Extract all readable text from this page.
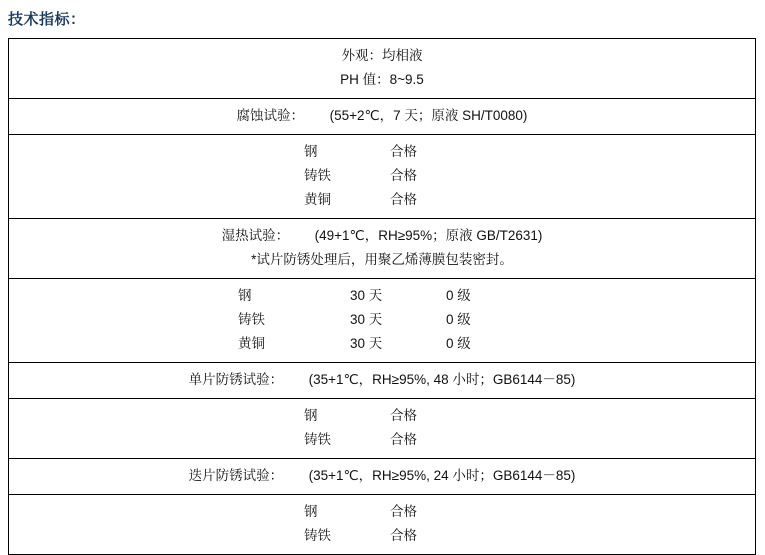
技术指标：
外观：均相液
PH 值：8~9.5

腐蚀试验： (55+2℃，7 天；原液 SH/T0080)

钢	合格
铸铁	合格
黄铜	合格

湿热试验： (49+1℃，RH≥95%；原液 GB/T2631)
*试片防锈处理后，用聚乙烯薄膜包装密封。

钢	30 天	0 级
铸铁	30 天	0 级
黄铜	30 天	0 级

单片防锈试验： (35+1℃，RH≥95%, 48 小时；GB6144－85)

钢	合格
铸铁	合格

迭片防锈试验： (35+1℃，RH≥95%, 24 小时；GB6144－85)

钢	合格
铸铁	合格
